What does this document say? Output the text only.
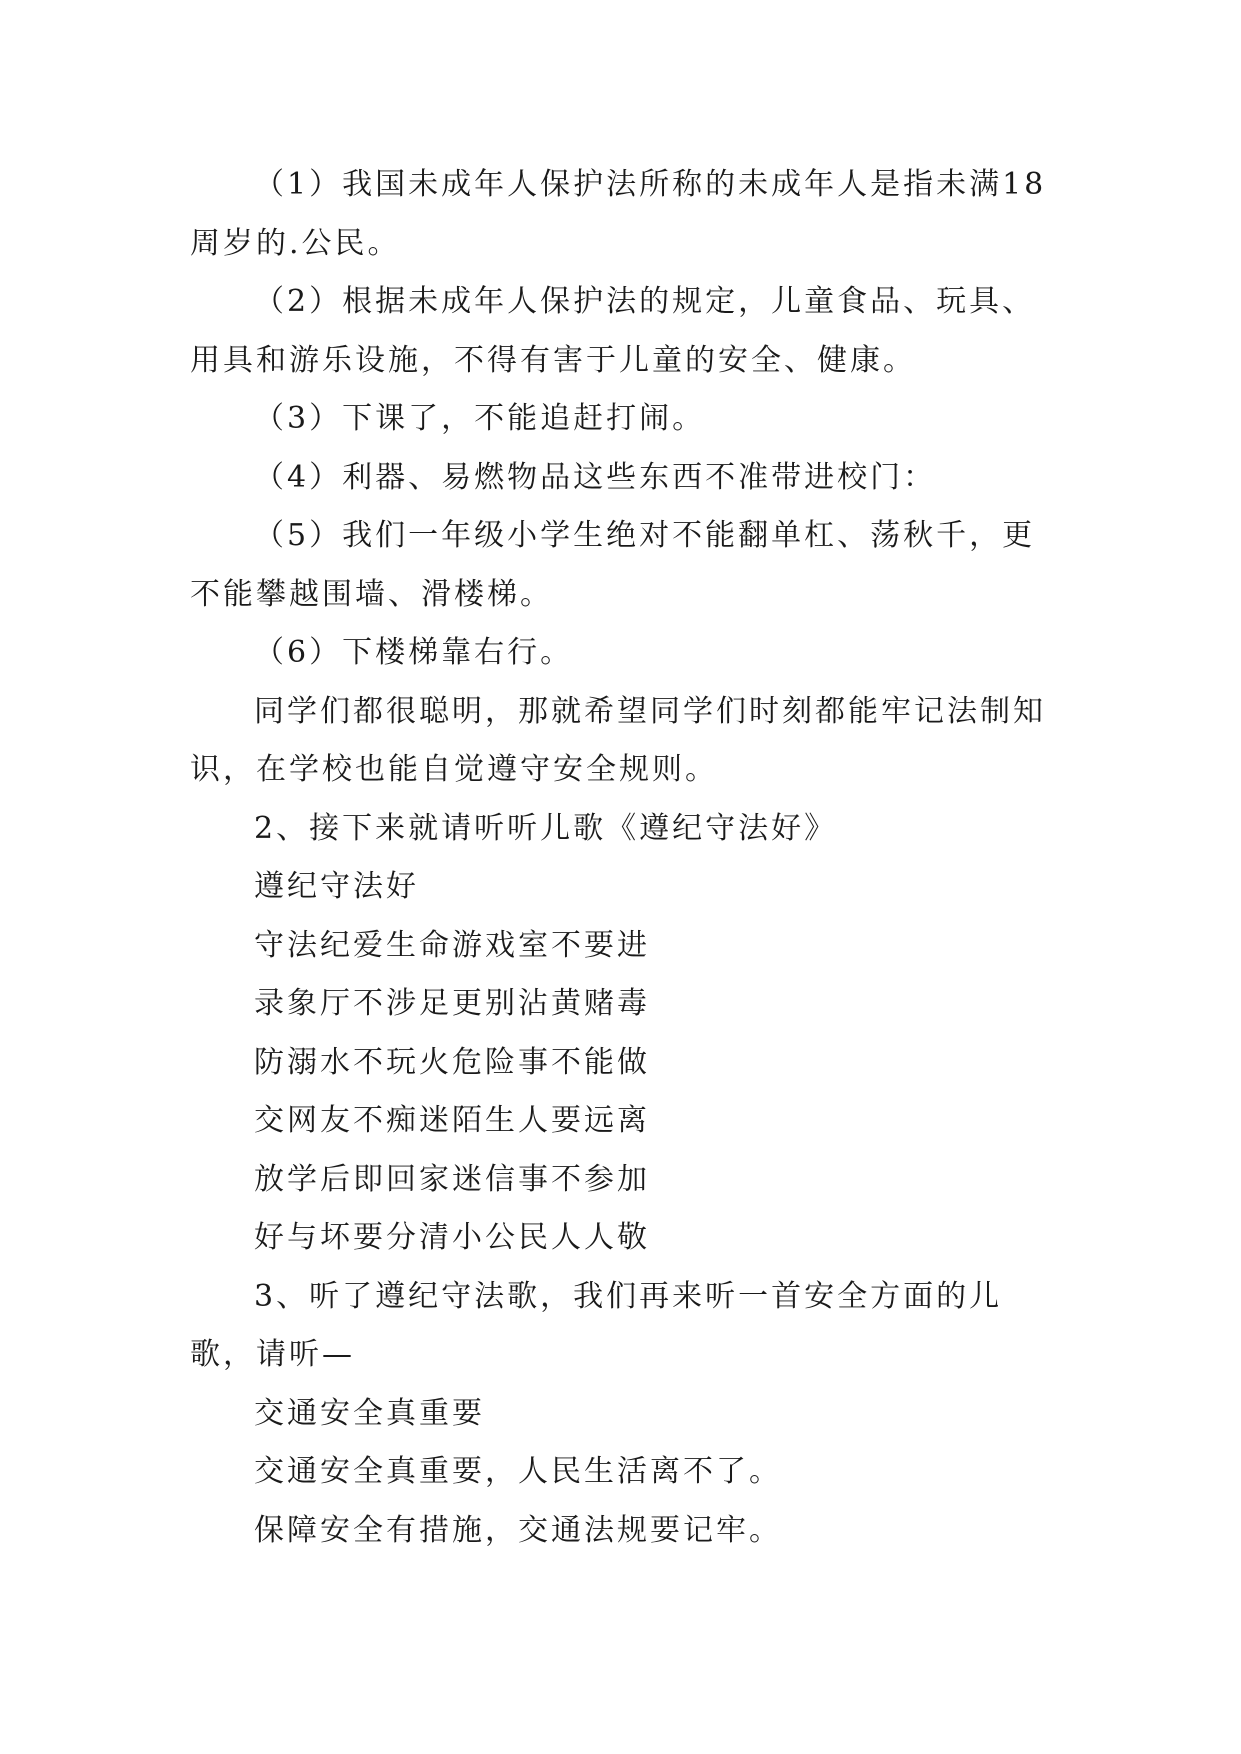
（1）我国未成年人保护法所称的未成年人是指未满18周岁的.公民。

（2）根据未成年人保护法的规定，儿童食品、玩具、用具和游乐设施，不得有害于儿童的安全、健康。

（3）下课了，不能追赶打闹。

（4）利器、易燃物品这些东西不准带进校门：

（5）我们一年级小学生绝对不能翻单杠、荡秋千，更不能攀越围墙、滑楼梯。

（6）下楼梯靠右行。

同学们都很聪明，那就希望同学们时刻都能牢记法制知识，在学校也能自觉遵守安全规则。

2、接下来就请听听儿歌《遵纪守法好》

遵纪守法好

守法纪爱生命游戏室不要进

录象厅不涉足更别沾黄赌毒

防溺水不玩火危险事不能做

交网友不痴迷陌生人要远离

放学后即回家迷信事不参加

好与坏要分清小公民人人敬

3、听了遵纪守法歌，我们再来听一首安全方面的儿歌，请听—

交通安全真重要

交通安全真重要，人民生活离不了。

保障安全有措施，交通法规要记牢。
